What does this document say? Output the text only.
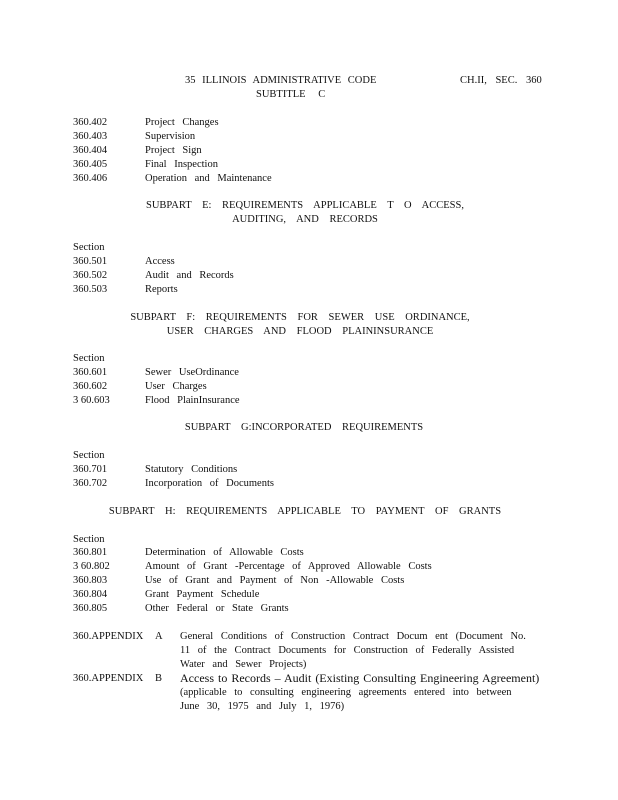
35 ILLINOIS ADMINISTRATIVE CODE	CH.II, SEC. 360
SUBTITLE C
360.402	Project Changes
360.403	Supervision
360.404	Project Sign
360.405	Final Inspection
360.406	Operation and Maintenance
SUBPART E: REQUIREMENTS APPLICABLE T O ACCESS,
AUDITING, AND RECORDS
Section
360.501	Access
360.502	Audit and Records
360.503	Reports
SUBPART F: REQUIREMENTS FOR SEWER USE ORDINANCE,
USER CHARGES AND FLOOD PLAININSURANCE
Section
360.601	Sewer UseOrdinance
360.602	User Charges
3 60.603	Flood PlainInsurance
SUBPART G:INCORPORATED REQUIREMENTS
Section
360.701	Statutory Conditions
360.702	Incorporation of Documents
SUBPART H: REQUIREMENTS APPLICABLE TO PAYMENT OF GRANTS
Section
360.801	Determination of Allowable Costs
3 60.802	Amount of Grant -Percentage of Approved Allowable Costs
360.803	Use of Grant and Payment of Non -Allowable Costs
360.804	Grant Payment Schedule
360.805	Other Federal or State Grants
360.APPENDIX A General Conditions of Construction Contract Docum ent (Document No.
11 of the Contract Documents for Construction of Federally Assisted
Water and Sewer Projects)
360.APPENDIX B Access to Records – Audit (Existing Consulting Engineering Agreement)
(applicable to consulting engineering agreements entered into between
June 30, 1975 and July 1, 1976)
